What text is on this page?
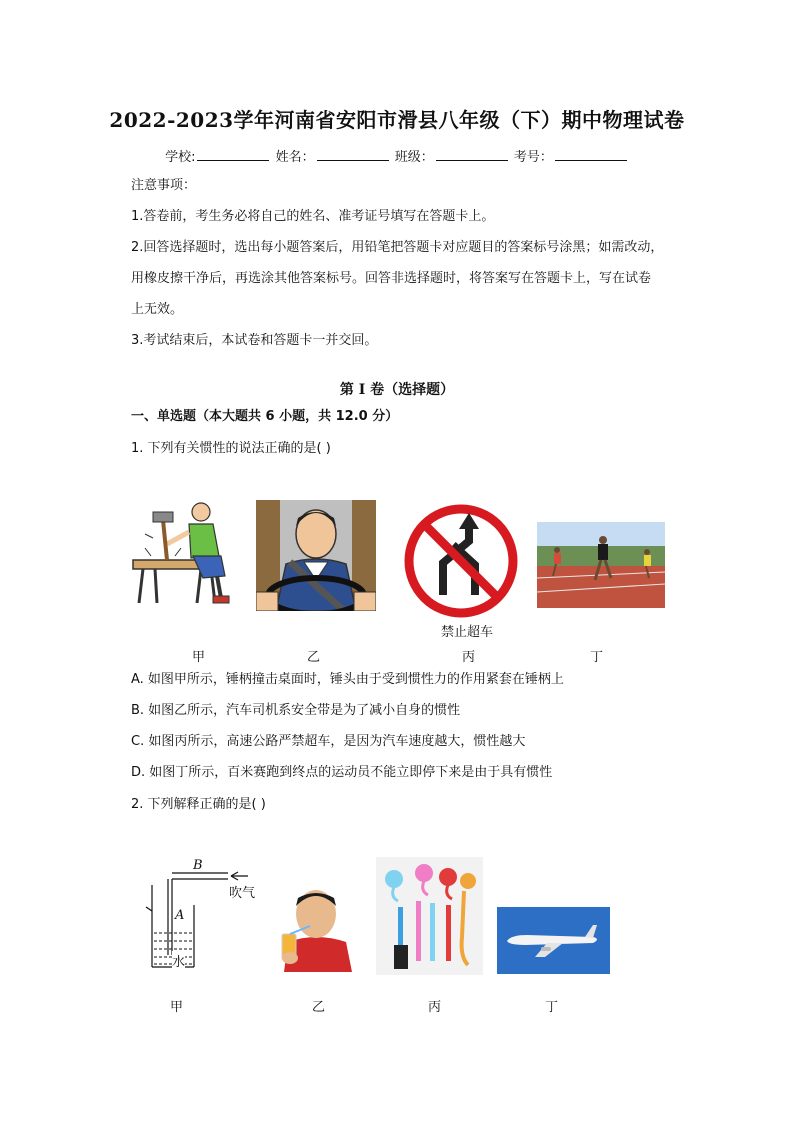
2022-2023学年河南省安阳市滑县八年级（下）期中物理试卷
学校:	姓名：	班级：	考号：
注意事项：
1.答卷前，考生务必将自己的姓名、准考证号填写在答题卡上。
2.回答选择题时，选出每小题答案后，用铅笔把答题卡对应题目的答案标号涂黑；如需改动，
用橡皮擦干净后，再选涂其他答案标号。回答非选择题时，将答案写在答题卡上，写在试卷
上无效。
3.考试结束后，本试卷和答题卡一并交回。
第 I 卷（选择题）
一、单选题（本大题共 6 小题，共 12.0 分）
1. 下列有关惯性的说法正确的是( )
禁止超车
甲	乙	丙	丁
A. 如图甲所示，锤柄撞击桌面时，锤头由于受到惯性力的作用紧套在锤柄上
B. 如图乙所示，汽车司机系安全带是为了减小自身的惯性
C. 如图丙所示，高速公路严禁超车，是因为汽车速度越大，惯性越大
D. 如图丁所示，百米赛跑到终点的运动员不能立即停下来是由于具有惯性
2. 下列解释正确的是( )
B
吹气
A
水
甲	乙	丙	丁
